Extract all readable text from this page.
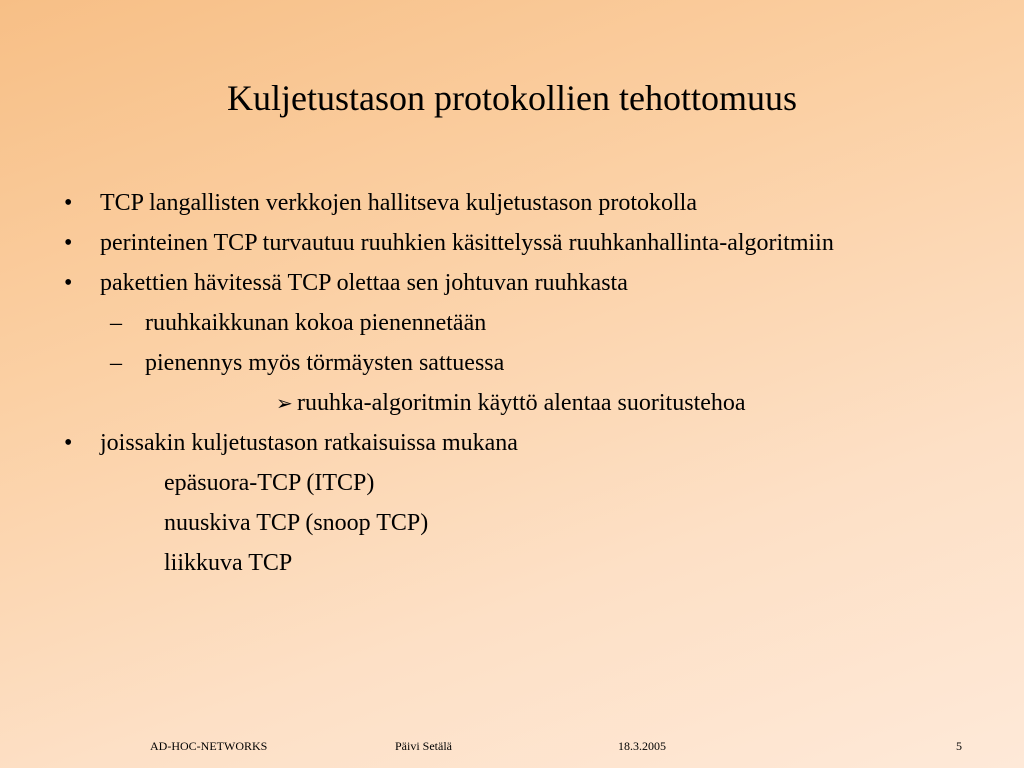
Kuljetustason protokollien tehottomuus
• TCP langallisten verkkojen hallitseva kuljetustason protokolla
• perinteinen TCP turvautuu ruuhkien käsittelyssä ruuhkanhallinta-algoritmiin
• pakettien hävitessä TCP olettaa sen johtuvan ruuhkasta
– ruuhkaikkunan kokoa pienennetään
– pienennys myös törmäysten sattuessa
➢ ruuhka-algoritmin käyttö alentaa suoritustehoa
• joissakin kuljetustason ratkaisuissa mukana
epäsuora-TCP (ITCP)
nuuskiva TCP (snoop TCP)
liikkuva TCP
AD-HOC-NETWORKS	Päivi Setälä	18.3.2005	5
